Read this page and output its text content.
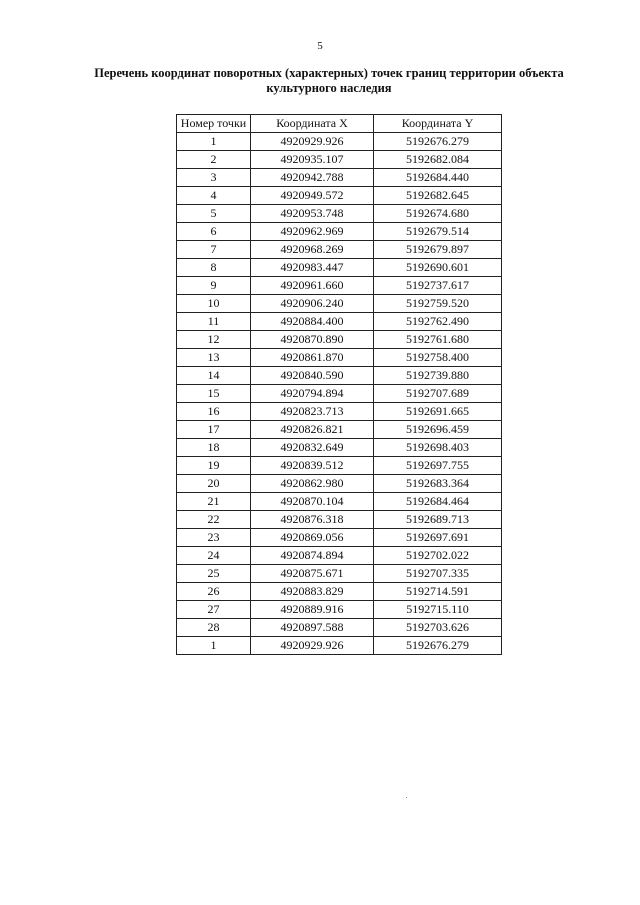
5
Перечень координат поворотных (характерных) точек границ территории объекта культурного наследия
Номер точки	Координата X	Координата Y
1	4920929.926	5192676.279
2	4920935.107	5192682.084
3	4920942.788	5192684.440
4	4920949.572	5192682.645
5	4920953.748	5192674.680
6	4920962.969	5192679.514
7	4920968.269	5192679.897
8	4920983.447	5192690.601
9	4920961.660	5192737.617
10	4920906.240	5192759.520
11	4920884.400	5192762.490
12	4920870.890	5192761.680
13	4920861.870	5192758.400
14	4920840.590	5192739.880
15	4920794.894	5192707.689
16	4920823.713	5192691.665
17	4920826.821	5192696.459
18	4920832.649	5192698.403
19	4920839.512	5192697.755
20	4920862.980	5192683.364
21	4920870.104	5192684.464
22	4920876.318	5192689.713
23	4920869.056	5192697.691
24	4920874.894	5192702.022
25	4920875.671	5192707.335
26	4920883.829	5192714.591
27	4920889.916	5192715.110
28	4920897.588	5192703.626
1	4920929.926	5192676.279
